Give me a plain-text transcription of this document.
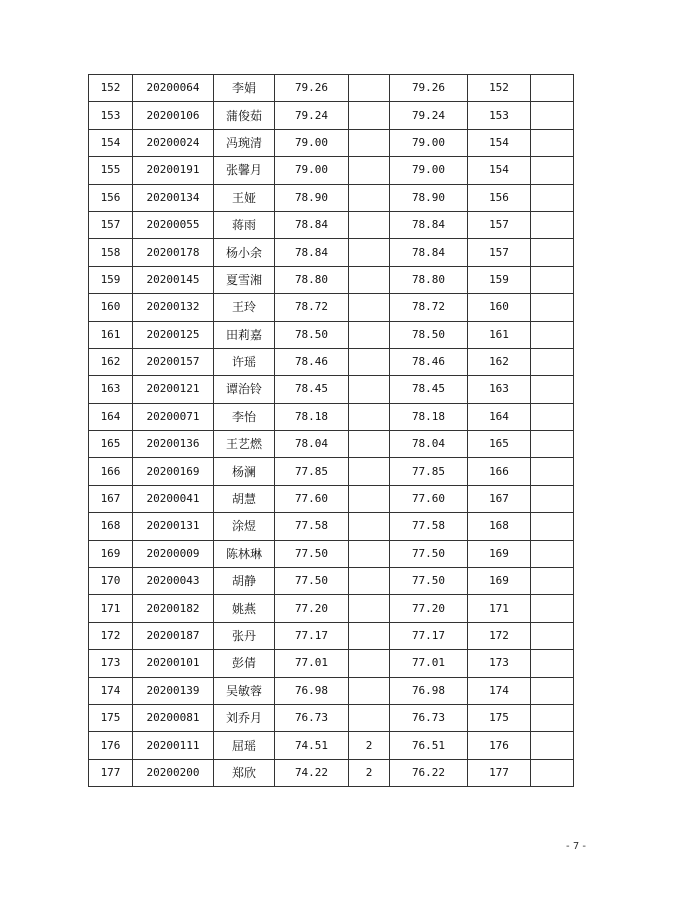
152	20200064	李娟	79.26		79.26	152	
153	20200106	蒲俊茹	79.24		79.24	153	
154	20200024	冯琬清	79.00		79.00	154	
155	20200191	张馨月	79.00		79.00	154	
156	20200134	王娅	78.90		78.90	156	
157	20200055	蒋雨	78.84		78.84	157	
158	20200178	杨小余	78.84		78.84	157	
159	20200145	夏雪湘	78.80		78.80	159	
160	20200132	王玲	78.72		78.72	160	
161	20200125	田莉嘉	78.50		78.50	161	
162	20200157	许瑶	78.46		78.46	162	
163	20200121	谭治铃	78.45		78.45	163	
164	20200071	李怡	78.18		78.18	164	
165	20200136	王艺燃	78.04		78.04	165	
166	20200169	杨澜	77.85		77.85	166	
167	20200041	胡慧	77.60		77.60	167	
168	20200131	涂煜	77.58		77.58	168	
169	20200009	陈林琳	77.50		77.50	169	
170	20200043	胡静	77.50		77.50	169	
171	20200182	姚燕	77.20		77.20	171	
172	20200187	张丹	77.17		77.17	172	
173	20200101	彭倩	77.01		77.01	173	
174	20200139	吴敏蓉	76.98		76.98	174	
175	20200081	刘乔月	76.73		76.73	175	
176	20200111	屈瑶	74.51	2	76.51	176	
177	20200200	郑欣	74.22	2	76.22	177	
- 7 -
